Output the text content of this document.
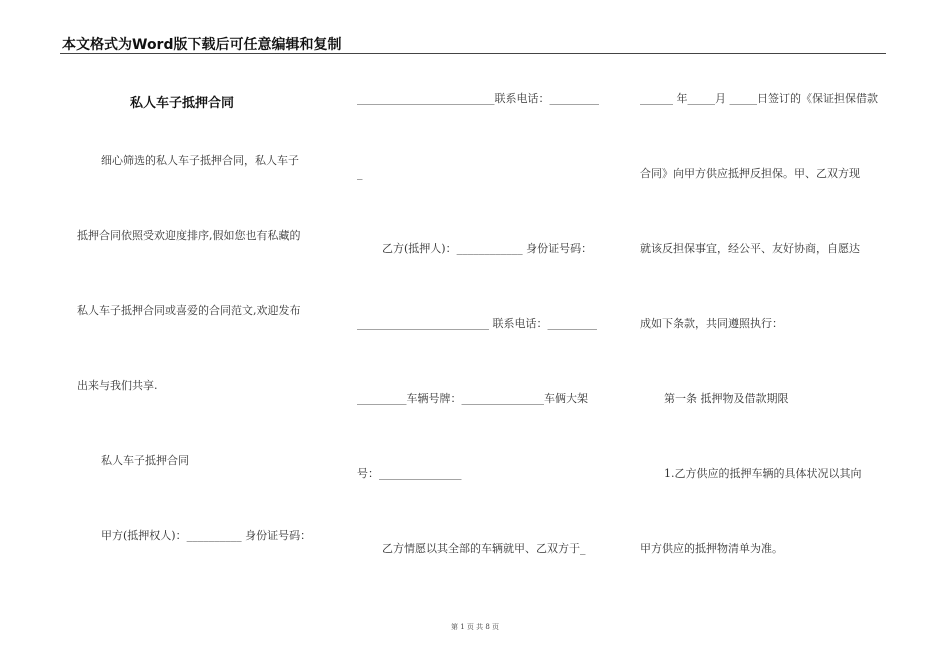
本文格式为Word版下载后可任意编辑和复制
私人车子抵押合同
细心筛选的私人车子抵押合同，私人车子
抵押合同依照受欢迎度排序,假如您也有私藏的
私人车子抵押合同或喜爱的合同范文,欢迎发布
出来与我们共享.
私人车子抵押合同
甲方(抵押权人)：__________ 身份证号码：
_________________________联系电话：_________
_
乙方(抵押人)：____________ 身份证号码：
________________________ 联系电话：_________
_________车辆号牌：_______________车俩大架
号：_______________
乙方情愿以其全部的车辆就甲、乙双方于_
______ 年_____月 _____日签订的《保证担保借款
合同》向甲方供应抵押反担保。甲、乙双方现
就该反担保事宜，经公平、友好协商，自愿达
成如下条款，共同遵照执行：
第一条 抵押物及借款期限
1.乙方供应的抵押车辆的具体状况以其向
甲方供应的抵押物清单为准。
第 1 页 共 8 页
